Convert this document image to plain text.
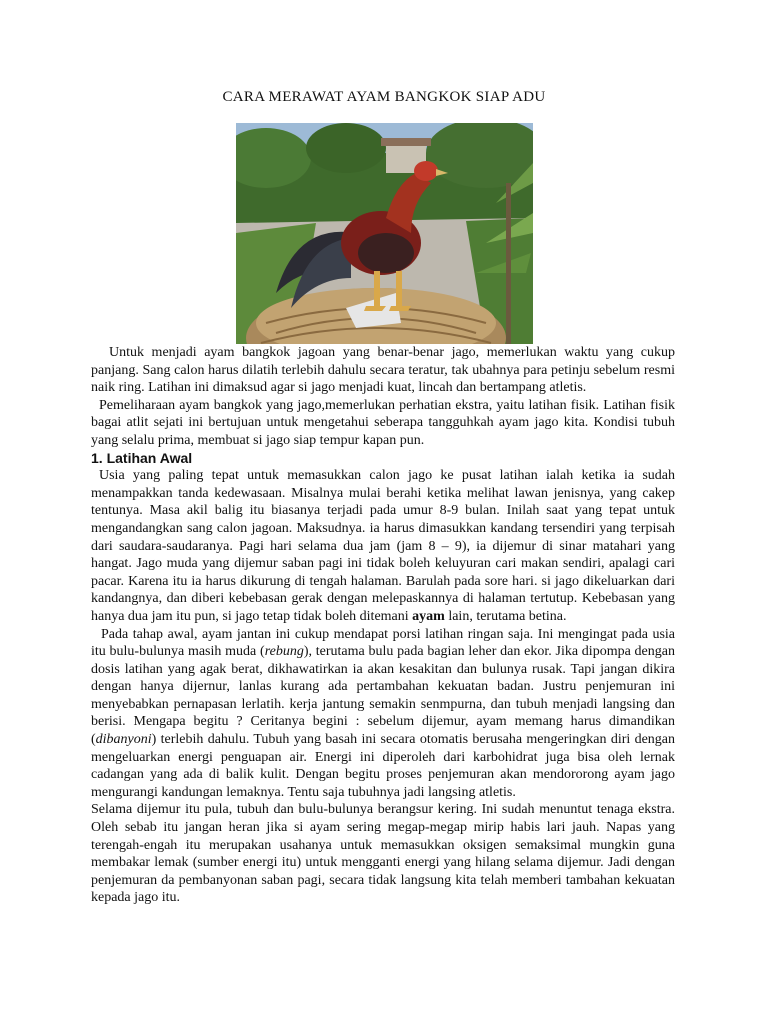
CARA MERAWAT AYAM BANGKOK SIAP ADU

Untuk menjadi ayam bangkok jagoan yang benar-benar jago, memerlukan waktu yang cukup panjang. Sang calon harus dilatih terlebih dahulu secara teratur, tak ubahnya para petinju sebelum resmi naik ring. Latihan ini dimaksud agar si jago menjadi kuat, lincah dan bertampang atletis.

Pemeliharaan ayam bangkok yang jago,memerlukan perhatian ekstra, yaitu latihan fisik. Latihan fisik bagai atlit sejati ini bertujuan untuk mengetahui seberapa tangguhkah ayam jago kita. Kondisi tubuh yang selalu prima, membuat si jago siap tempur kapan pun.

1. Latihan Awal

Usia yang paling tepat untuk memasukkan calon jago ke pusat latihan ialah ketika ia sudah menampakkan tanda kedewasaan. Misalnya mulai berahi ketika melihat lawan jenisnya, yang cakep tentunya. Masa akil balig itu biasanya terjadi pada umur 8-9 bulan. Inilah saat yang tepat untuk mengandangkan sang calon jagoan. Maksudnya. ia harus dimasukkan kandang tersendiri yang terpisah dari saudara-saudaranya. Pagi hari selama dua jam (jam 8 – 9), ia dijemur di sinar matahari yang hangat. Jago muda yang dijemur saban pagi ini tidak boleh keluyuran cari makan sendiri, apalagi cari pacar. Karena itu ia harus dikurung di tengah halaman. Barulah pada sore hari. si jago dikeluarkan dari kandangnya, dan diberi kebebasan gerak dengan melepaskannya di halaman tertutup. Kebebasan yang hanya dua jam itu pun, si jago tetap tidak boleh ditemani ayam lain, terutama betina.

Pada tahap awal, ayam jantan ini cukup mendapat porsi latihan ringan saja. Ini mengingat pada usia itu bulu-bulunya masih muda (rebung), terutama bulu pada bagian leher dan ekor. Jika dipompa dengan dosis latihan yang agak berat, dikhawatirkan ia akan kesakitan dan bulunya rusak. Tapi jangan dikira dengan hanya dijernur, lanlas kurang ada pertambahan kekuatan badan. Justru penjemuran ini menyebabkan pernapasan lerlatih. kerja jantung semakin senmpurna, dan tubuh menjadi langsing dan berisi. Mengapa begitu ? Ceritanya begini : sebelum dijemur, ayam memang harus dimandikan (dibanyoni) terlebih dahulu. Tubuh yang basah ini secara otomatis berusaha mengeringkan diri dengan mengeluarkan energi penguapan air. Energi ini diperoleh dari karbohidrat juga bisa oleh lernak cadangan yang ada di balik kulit. Dengan begitu proses penjemuran akan mendororong ayam jago mengurangi kandungan lemaknya. Tentu saja tubuhnya jadi langsing atletis.

Selama dijemur itu pula, tubuh dan bulu-bulunya berangsur kering. Ini sudah menuntut tenaga ekstra. Oleh sebab itu jangan heran jika si ayam sering megap-megap mirip habis lari jauh. Napas yang terengah-engah itu merupakan usahanya untuk memasukkan oksigen semaksimal mungkin guna membakar lemak (sumber energi itu) untuk mengganti energi yang hilang selama dijemur. Jadi dengan penjemuran da pembanyonan saban pagi, secara tidak langsung kita telah memberi tambahan kekuatan kepada jago itu.
